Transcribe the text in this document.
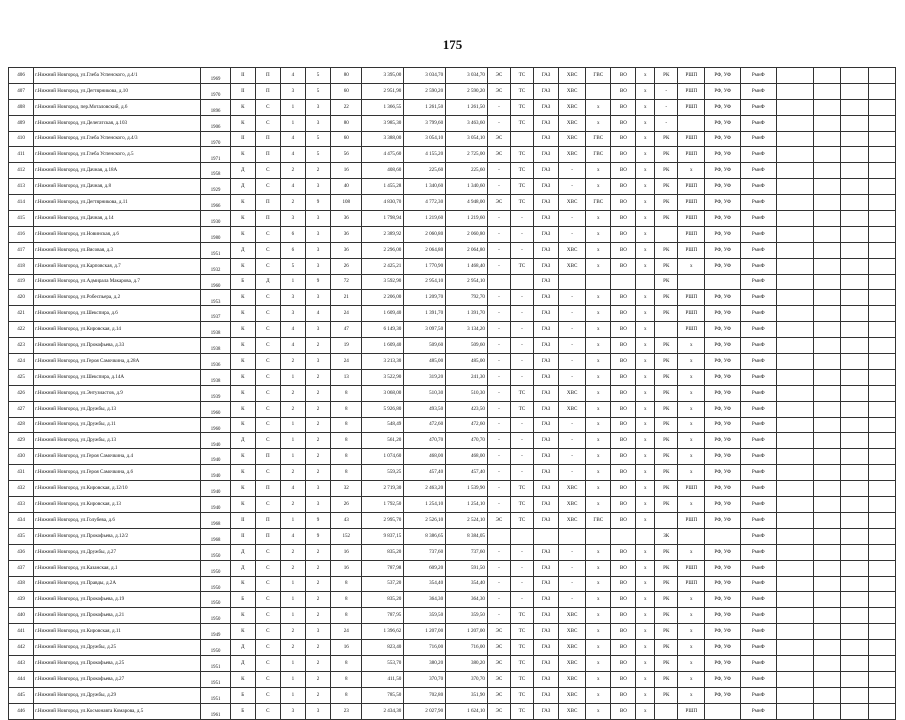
175
406	г.Нижний Новгород, ул.Глеба Успенского, д.4/1	1969	II	П	4	5	80	3 395,00	3 034,70	3 034,70	ЭС	ТС	ГАЗ	ХВС	ГВС	ВО	х	РК	РШП	РФ, УФ	РмнФ				
407	г.Нижний Новгород, ул.Дегтярникова, д.10	1970	II	П	3	5	60	2 951,90	2 590,20	2 590,20	ЭС	ТС	ГАЗ	ХВС		ВО	х	-	РШП	РФ, УФ	РмнФ				
408	г.Нижний Новгород, пер.Моталовский, д.6	1896	К	С	1	3	22	1 366,55	1 261,50	1 261,50	-	ТС	ГАЗ	ХВС	х	ВО	х	-	РШП	РФ, УФ	РмнФ				
409	г.Нижний Новгород, ул.Делегатская, д.103	1906	К	С	1	3	80	3 985,30	3 799,60	3 463,60	-	ТС	ГАЗ	ХВС	х	ВО	х	-		РФ, УФ	РмнФ				
410	г.Нижний Новгород, ул.Глеба Успенского, д.4/3	1970	II	П	4	5	60	3 388,00	3 054,10	3 054,10	ЭС		ГАЗ	ХВС	ГВС	ВО	х	РК	РШП	РФ, УФ	РмнФ				
411	г.Нижний Новгород, ул.Глеба Успенского, д.5	1971	К	П	4	5	56	4 475,60	4 155,20	2 725,00	ЭС	ТС	ГАЗ	ХВС	ГВС	ВО	х	РК	РШП	РФ, УФ	РмнФ				
412	г.Нижний Новгород, ул.Дачная, д.18А	1958	Д	С	2	2	16	408,60	225,60	225,60	-	ТС	ГАЗ	-	х	ВО	х	РК	х	РФ, УФ	РмнФ				
413	г.Нижний Новгород, ул.Дачная, д.8	1929	Д	С	4	3	40	1 455,28	1 340,60	1 340,60	-	ТС	ГАЗ	-	х	ВО	х	РК	РШП	РФ, УФ	РмнФ				
414	г.Нижний Новгород, ул.Дегтярникова, д.11	1966	К	П	2	9	108	4 830,70	4 772,30	4 948,00	ЭС	ТС	ГАЗ	ХВС	ГВС	ВО	х	РК	РШП	РФ, УФ	РмнФ				
415	г.Нижний Новгород, ул.Дачная, д.14	1930	К	П	3	3	36	1 798,94	1 219,60	1 219,60	-	-	ГАЗ	-	х	ВО	х	РК	РШП	РФ, УФ	РмнФ				
416	г.Нижний Новгород, ул.Новинская, д.6	1980	К	С	6	3	36	2 389,92	2 060,80	2 060,80	-	-	ГАЗ	-	х	ВО	х		РШП	РФ, УФ	РмнФ				
417	г.Нижний Новгород, ул.Вясовая, д.3	1951	Д	С	6	3	36	2 296,00	2 064,80	2 064,80	-	-	ГАЗ	ХВС	х	ВО	х	РК	РШП	РФ, УФ	РмнФ				
418	г.Нижний Новгород, ул.Карповская, д.7	1932	К	С	5	3	26	2 425,21	1 770,90	1 468,40	-	ТС	ГАЗ	ХВС	х	ВО	х	РК	х	РФ, УФ	РмнФ				
419	г.Нижний Новгород, ул.Адмирала Макарова, д.7	1960	Б	Д	1	9	72	3 592,90	2 954,10	2 954,10			ГАЗ					РК			РмнФ				
420	г.Нижний Новгород, ул.Робеспьера, д.2	1953	К	С	3	3	21	2 206,00	1 209,70	792,70	-	-	ГАЗ	-	х	ВО	х	РК	РШП	РФ, УФ	РмнФ				
421	г.Нижний Новгород, ул.Шекспира, д.6	1937	К	С	3	4	24	1 609,40	1 391,70	1 391,70	-	-	ГАЗ	-	х	ВО	х	РК	РШП	РФ, УФ	РмнФ				
422	г.Нижний Новгород, ул.Кировская, д.14	1938	К	С	4	3	47	6 149,30	3 097,50	3 134,20	-	-	ГАЗ	-	х	ВО	х		РШП	РФ, УФ	РмнФ				
423	г.Нижний Новгород, ул.Прокофьева, д.33	1938	К	С	4	2	19	1 609,40	509,60	509,60	-	-	ГАЗ	-	х	ВО	х	РК	х	РФ, УФ	РмнФ				
424	г.Нижний Новгород, ул.Героя Самочкина, д.28А	1936	К	С	2	3	24	3 213,30	485,00	485,00	-	-	ГАЗ	-	х	ВО	х	РК	х	РФ, УФ	РмнФ				
425	г.Нижний Новгород, ул.Шекспира, д.14А	1938	К	С	1	2	13	3 522,90	319,20	241,30	-	-	ГАЗ	-	х	ВО	х	РК	х	РФ, УФ	РмнФ				
426	г.Нижний Новгород, ул.Энтузиастов, д.9	1939	К	С	2	2	8	3 068,00	510,30	510,30	-	ТС	ГАЗ	ХВС	х	ВО	х	РК	х	РФ, УФ	РмнФ				
427	г.Нижний Новгород, ул.Дружбы, д.13	1960	К	С	2	2	8	5 926,80	493,50	423,50	-	ТС	ГАЗ	ХВС	х	ВО	х	РК	х	РФ, УФ	РмнФ				
428	г.Нижний Новгород, ул.Дружбы, д.11	1960	К	С	1	2	8	548,49	472,60	472,60	-	-	ГАЗ	-	х	ВО	х	РК	х	РФ, УФ	РмнФ				
429	г.Нижний Новгород, ул.Дружбы, д.13	1940	Д	С	1	2	8	561,20	470,70	470,70	-	-	ГАЗ	-	х	ВО	х	РК	х	РФ, УФ	РмнФ				
430	г.Нижний Новгород, ул.Героя Самочкина, д.4	1940	К	П	1	2	8	1 074,60	468,00	468,00	-	-	ГАЗ	-	х	ВО	х	РК	х	РФ, УФ	РмнФ				
431	г.Нижний Новгород, ул.Героя Самочкина, д.6	1940	К	С	2	2	8	559,25	457,40	457,40	-	-	ГАЗ	-	х	ВО	х	РК	х	РФ, УФ	РмнФ				
432	г.Нижний Новгород, ул.Кировская, д.12/10	1940	К	П	4	3	32	2 719,30	2 463,20	1 539,90	-	ТС	ГАЗ	ХВС	х	ВО	х	РК	РШП	РФ, УФ	РмнФ				
433	г.Нижний Новгород, ул.Кировская, д.13	1940	К	С	2	3	26	1 792,50	1 254,10	1 254,10	-	ТС	ГАЗ	ХВС	х	ВО	х	РК	х	РФ, УФ	РмнФ				
434	г.Нижний Новгород, ул.Голубева, д.6	1968	II	П	1	9	43	2 995,70	2 526,10	2 524,10	ЭС	ТС	ГАЗ	ХВС	ГВС	ВО	х		РШП	РФ, УФ	РмнФ				
435	г.Нижний Новгород, ул.Прокофьева, д.12/2	1968	II	П	4	9	152	9 837,15	8 386,65	8 384,05								ЗК			РмнФ				
436	г.Нижний Новгород, ул.Дружбы, д.27	1950	Д	С	2	2	16	835,20	737,60	737,60	-	-	ГАЗ	-	х	ВО	х	РК	х	РФ, УФ	РмнФ				
437	г.Нижний Новгород, ул.Казанская, д.1	1950	Д	С	2	2	16	787,98	609,20	591,50	-	-	ГАЗ	-	х	ВО	х	РК	РШП	РФ, УФ	РмнФ				
438	г.Нижний Новгород, ул.Правды, д.2А	1950	К	С	1	2	8	537,20	354,40	354,40	-	-	ГАЗ	-	х	ВО	х	РК	РШП	РФ, УФ	РмнФ				
439	г.Нижний Новгород, ул.Прокофьева, д.19	1950	Б	С	1	2	8	835,20	364,30	364,30	-	-	ГАЗ	-	х	ВО	х	РК	х	РФ, УФ	РмнФ				
440	г.Нижний Новгород, ул.Прокофьева, д.21	1950	К	С	1	2	8	787,95	359,50	359,50	-	ТС	ГАЗ	ХВС	х	ВО	х	РК	х	РФ, УФ	РмнФ				
441	г.Нижний Новгород, ул.Кировская, д.11	1949	К	С	2	3	24	1 396,62	1 207,00	1 207,00	ЭС	ТС	ГАЗ	ХВС	х	ВО	х	РК	х	РФ, УФ	РмнФ				
442	г.Нижний Новгород, ул.Дружбы, д.25	1950	Д	С	2	2	16	823,40	716,00	716,00	ЭС	ТС	ГАЗ	ХВС	х	ВО	х	РК	х	РФ, УФ	РмнФ				
443	г.Нижний Новгород, ул.Прокофьева, д.25	1951	Д	С	1	2	8	553,70	380,20	380,20	ЭС	ТС	ГАЗ	ХВС	х	ВО	х	РК	х	РФ, УФ	РмнФ				
444	г.Нижний Новгород, ул.Прокофьева, д.27	1951	К	С	1	2	8	411,50	370,70	370,70	ЭС	ТС	ГАЗ	ХВС	х	ВО	х	РК	х	РФ, УФ	РмнФ				
445	г.Нижний Новгород, ул.Дружбы, д.29	1951	Б	С	1	2	8	785,50	702,80	351,90	ЭС	ТС	ГАЗ	ХВС	х	ВО	х	РК	х	РФ, УФ	РмнФ				
446	г.Нижний Новгород, ул.Космонавта Комарова, д.5	1961	Б	С	3	3	23	2 434,30	2 027,90	1 624,10	ЭС	ТС	ГАЗ	ХВС	х	ВО	х		РШП		РмнФ				
